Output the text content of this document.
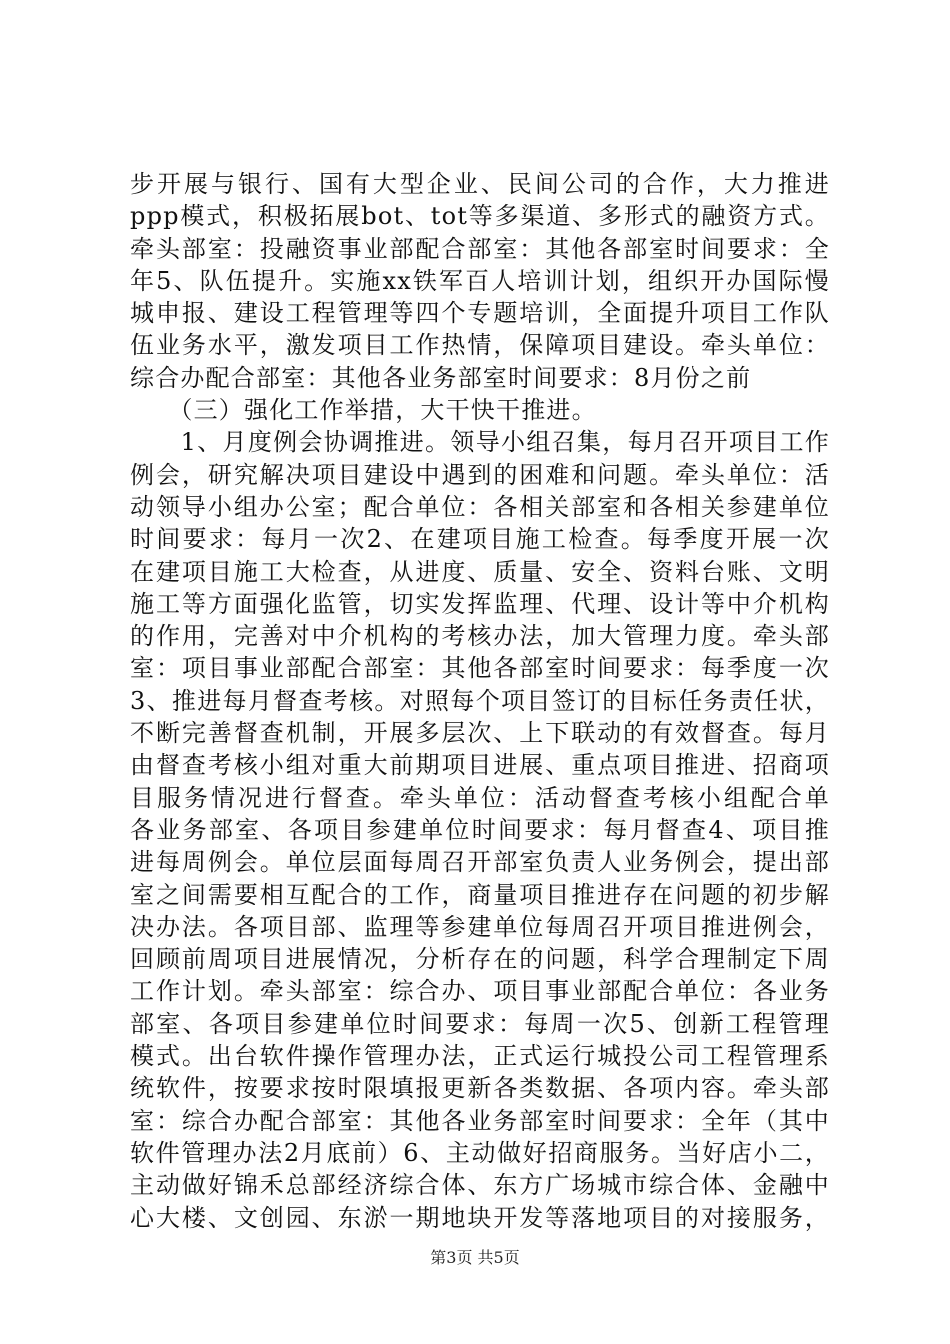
步开展与银行、国有大型企业、民间公司的合作，大力推进
ppp模式，积极拓展bot、tot等多渠道、多形式的融资方式。
牵头部室：投融资事业部配合部室：其他各部室时间要求：全
年5、队伍提升。实施xx铁军百人培训计划，组织开办国际慢
城申报、建设工程管理等四个专题培训，全面提升项目工作队
伍业务水平，激发项目工作热情，保障项目建设。牵头单位：
综合办配合部室：其他各业务部室时间要求：8月份之前
　　（三）强化工作举措，大干快干推进。
　　1、月度例会协调推进。领导小组召集，每月召开项目工作
例会，研究解决项目建设中遇到的困难和问题。牵头单位：活
动领导小组办公室；配合单位：各相关部室和各相关参建单位
时间要求：每月一次2、在建项目施工检查。每季度开展一次
在建项目施工大检查，从进度、质量、安全、资料台账、文明
施工等方面强化监管，切实发挥监理、代理、设计等中介机构
的作用，完善对中介机构的考核办法，加大管理力度。牵头部
室：项目事业部配合部室：其他各部室时间要求：每季度一次
3、推进每月督查考核。对照每个项目签订的目标任务责任状，
不断完善督查机制，开展多层次、上下联动的有效督查。每月
由督查考核小组对重大前期项目进展、重点项目推进、招商项
目服务情况进行督查。牵头单位：活动督查考核小组配合单
各业务部室、各项目参建单位时间要求：每月督查4、项目推
进每周例会。单位层面每周召开部室负责人业务例会，提出部
室之间需要相互配合的工作，商量项目推进存在问题的初步解
决办法。各项目部、监理等参建单位每周召开项目推进例会，
回顾前周项目进展情况，分析存在的问题，科学合理制定下周
工作计划。牵头部室：综合办、项目事业部配合单位：各业务
部室、各项目参建单位时间要求：每周一次5、创新工程管理
模式。出台软件操作管理办法，正式运行城投公司工程管理系
统软件，按要求按时限填报更新各类数据、各项内容。牵头部
室：综合办配合部室：其他各业务部室时间要求：全年（其中
软件管理办法2月底前）6、主动做好招商服务。当好店小二，
主动做好锦禾总部经济综合体、东方广场城市综合体、金融中
心大楼、文创园、东淤一期地块开发等落地项目的对接服务，
第3页 共5页
